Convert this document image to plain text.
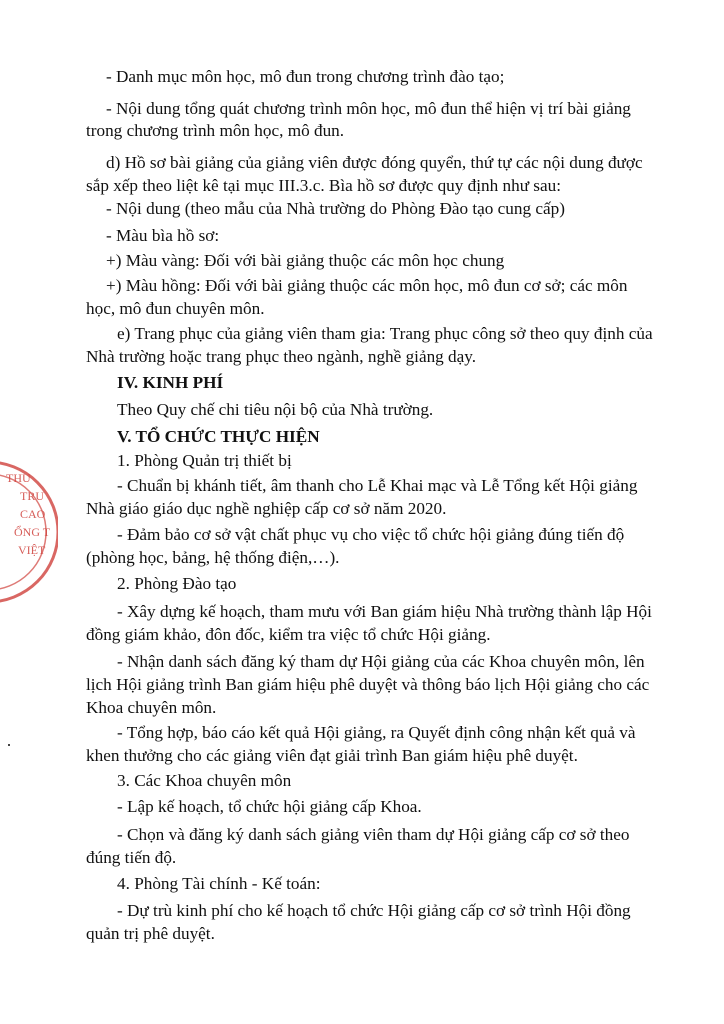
- Danh mục môn học, mô đun trong chương trình đào tạo;
- Nội dung tổng quát chương trình môn học, mô đun thể hiện vị trí bài giảng
trong chương trình môn học, mô đun.
d) Hồ sơ bài giảng của giảng viên được đóng quyển, thứ tự các nội dung được
sắp xếp theo liệt kê tại mục III.3.c. Bìa hồ sơ được quy định như sau:
- Nội dung (theo mẫu của Nhà trường do Phòng Đào tạo cung cấp)
- Màu bìa hồ sơ:
+) Màu vàng: Đối với bài giảng thuộc các môn học chung
+) Màu hồng: Đối với bài giảng thuộc các môn học, mô đun cơ sở; các môn
học, mô đun chuyên môn.
e) Trang phục của giảng viên tham gia: Trang phục công sở theo quy định của
Nhà trường hoặc trang phục theo ngành, nghề giảng dạy.
IV. KINH PHÍ
Theo Quy chế chi tiêu nội bộ của Nhà trường.
V. TỔ CHỨC THỰC HIỆN
1. Phòng Quản trị thiết bị
- Chuẩn bị khánh tiết, âm thanh cho Lễ Khai mạc và Lễ Tổng kết Hội giảng
Nhà giáo giáo dục nghề nghiệp cấp cơ sở năm 2020.
- Đảm bảo cơ sở vật chất phục vụ cho việc tổ chức hội giảng đúng tiến độ
(phòng học, bảng, hệ thống điện,…).
2. Phòng Đào tạo
- Xây dựng kế hoạch, tham mưu với Ban giám hiệu Nhà trường thành lập Hội
đồng giám khảo, đôn đốc, kiểm tra việc tổ chức Hội giảng.
- Nhận danh sách đăng ký tham dự Hội giảng của các Khoa chuyên môn, lên
lịch Hội giảng trình Ban giám hiệu phê duyệt và thông báo lịch Hội giảng cho các
Khoa chuyên môn.
- Tổng hợp, báo cáo kết quả Hội giảng, ra Quyết định công nhận kết quả và
khen thưởng cho các giảng viên đạt giải trình Ban giám hiệu phê duyệt.
3. Các Khoa chuyên môn
- Lập kế hoạch, tổ chức hội giảng cấp Khoa.
- Chọn và đăng ký danh sách giảng viên tham dự Hội giảng cấp cơ sở theo
đúng tiến độ.
4. Phòng Tài chính - Kế toán:
- Dự trù kinh phí cho kế hoạch tổ chức Hội giảng cấp cơ sở trình Hội đồng
quản trị phê duyệt.
THU
TRU
CAO
ỔNG T
VIỆT
